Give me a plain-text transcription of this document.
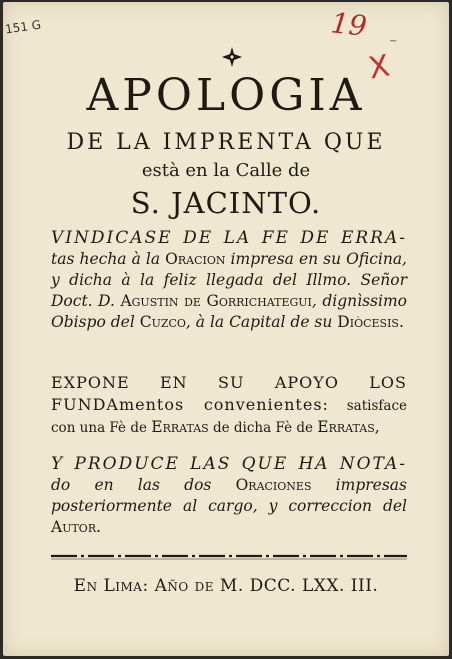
151 G	19
X
~
APOLOGIA
DE LA IMPRENTA QUE
està en la Calle de
S. JACINTO.
VINDICASE DE LA FE DE ERRA- tas hecha à la Oracion impresa en su Oficina, y dicha à la feliz llegada del Illmo. Señor Doct. D. Agustin de Gorrichategui, dignìssimo Obispo del Cuzco, à la Capital de su Diòcesis.
EXPONE EN SU APOYO LOS FUNDAmentos convenientes: satisface con una Fè de Erratas de dicha Fè de Erratas,
Y PRODUCE LAS QUE HA NOTA- do en las dos Oraciones impresas posteriormente al cargo, y correccion del Autor.
En Lima: Año de M. DCC. LXX. III.
